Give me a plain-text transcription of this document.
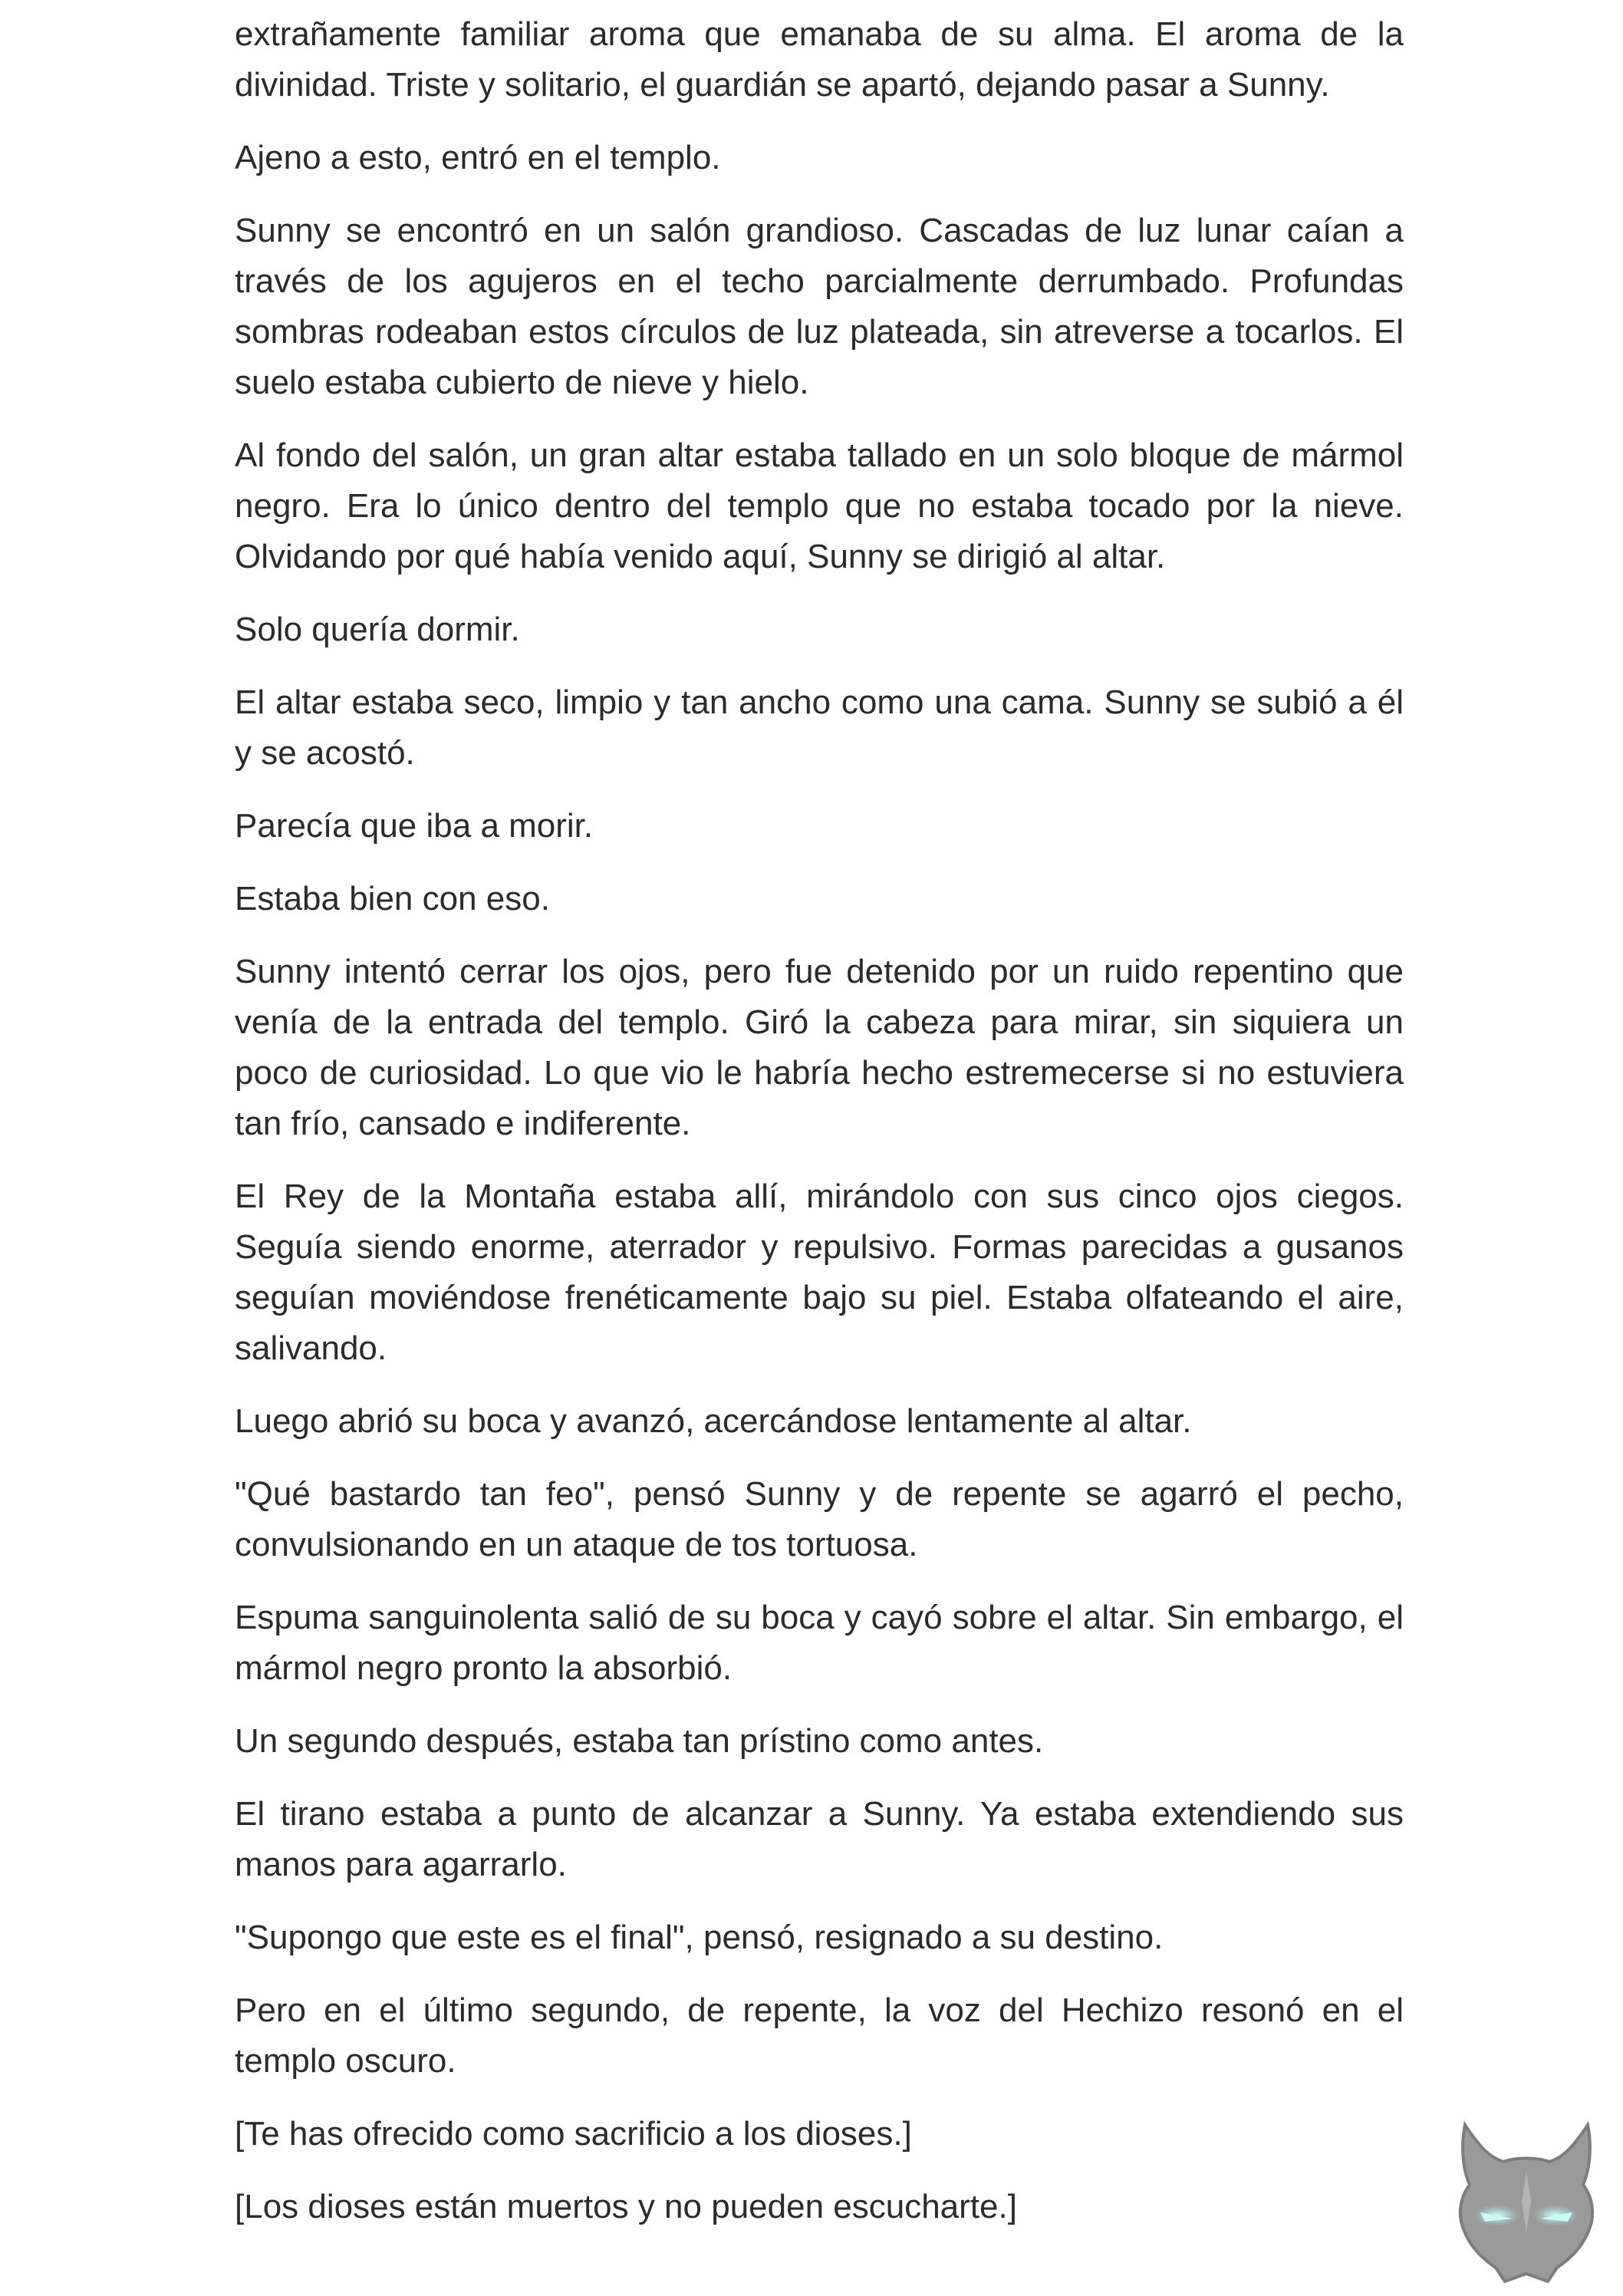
extrañamente familiar aroma que emanaba de su alma. El aroma de la divinidad. Triste y solitario, el guardián se apartó, dejando pasar a Sunny.

Ajeno a esto, entró en el templo.

Sunny se encontró en un salón grandioso. Cascadas de luz lunar caían a través de los agujeros en el techo parcialmente derrumbado. Profundas sombras rodeaban estos círculos de luz plateada, sin atreverse a tocarlos. El suelo estaba cubierto de nieve y hielo.

Al fondo del salón, un gran altar estaba tallado en un solo bloque de mármol negro. Era lo único dentro del templo que no estaba tocado por la nieve. Olvidando por qué había venido aquí, Sunny se dirigió al altar.

Solo quería dormir.

El altar estaba seco, limpio y tan ancho como una cama. Sunny se subió a él y se acostó.

Parecía que iba a morir.

Estaba bien con eso.

Sunny intentó cerrar los ojos, pero fue detenido por un ruido repentino que venía de la entrada del templo. Giró la cabeza para mirar, sin siquiera un poco de curiosidad. Lo que vio le habría hecho estremecerse si no estuviera tan frío, cansado e indiferente.

El Rey de la Montaña estaba allí, mirándolo con sus cinco ojos ciegos. Seguía siendo enorme, aterrador y repulsivo. Formas parecidas a gusanos seguían moviéndose frenéticamente bajo su piel. Estaba olfateando el aire, salivando.

Luego abrió su boca y avanzó, acercándose lentamente al altar.

"Qué bastardo tan feo", pensó Sunny y de repente se agarró el pecho, convulsionando en un ataque de tos tortuosa.

Espuma sanguinolenta salió de su boca y cayó sobre el altar. Sin embargo, el mármol negro pronto la absorbió.

Un segundo después, estaba tan prístino como antes.

El tirano estaba a punto de alcanzar a Sunny. Ya estaba extendiendo sus manos para agarrarlo.

"Supongo que este es el final", pensó, resignado a su destino.

Pero en el último segundo, de repente, la voz del Hechizo resonó en el templo oscuro.

[Te has ofrecido como sacrificio a los dioses.]

[Los dioses están muertos y no pueden escucharte.]
